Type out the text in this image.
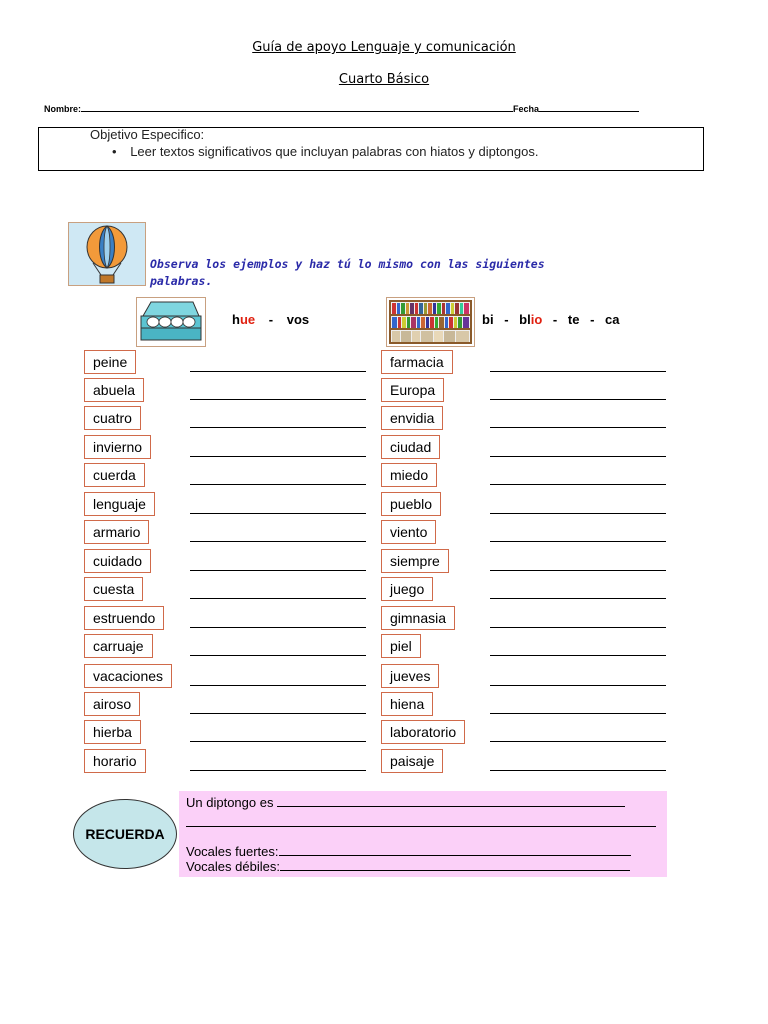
Guía de apoyo Lenguaje y comunicación
Cuarto Básico
Nombre:	Fecha
Objetivo Especifico:
• Leer textos significativos que incluyan palabras con hiatos y diptongos.
Observa los ejemplos y haz tú lo mismo con las siguientes palabras.
hue - vos	bi - blio - te - ca
peine	farmacia
abuela	Europa
cuatro	envidia
invierno	ciudad
cuerda	miedo
lenguaje	pueblo
armario	viento
cuidado	siempre
cuesta	juego
estruendo	gimnasia
carruaje	piel
vacaciones	jueves
airoso	hiena
hierba	laboratorio
horario	paisaje
RECUERDA
Un diptongo es
Vocales fuertes:
Vocales débiles:
